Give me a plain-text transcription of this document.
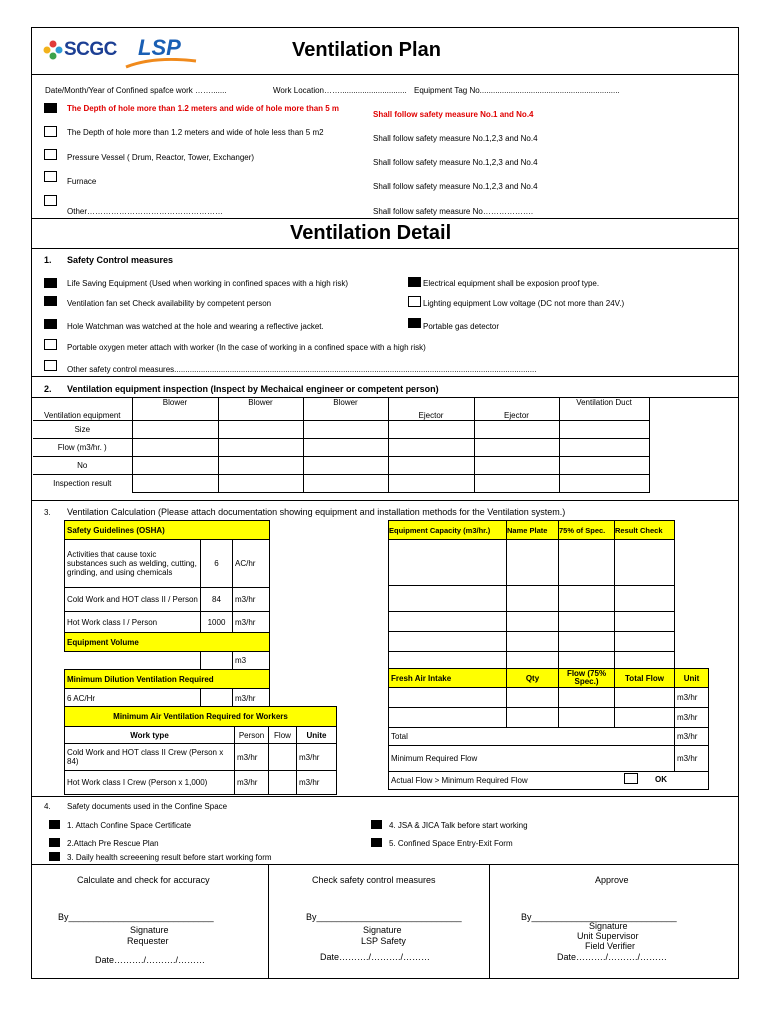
SCGC LSP	Ventilation Plan
Date/Month/Year of Confined spafce work …….......	Work Location…….............................. Equipment Tag No...............................................................
The Depth of hole more than 1.2 meters and wide of hole more than 5 m
Shall follow safety measure No.1 and No.4
The Depth of hole more than 1.2 meters and wide of hole less than 5 m2
Shall follow safety measure No.1,2,3 and No.4
Pressure Vessel ( Drum, Reactor, Tower, Exchanger)
Shall follow safety measure No.1,2,3 and No.4
Furnace
Shall follow safety measure No.1,2,3 and No.4
Other……………………………………………	Shall follow safety measure No……………….
Ventilation Detail
1. Safety Control measures
Life Saving Equipment (Used when working in confined spaces with a high risk)
Ventilation fan set Check availability by competent person
Hole Watchman was watched at the hole and wearing a reflective jacket.
Portable oxygen meter attach with worker (In the case of working in a confined space with a high risk)
Other safety control measures...................................................................................................................................................................
Electrical equipment shall be exposion proof type.
Lighting equipment Low voltage (DC not more than 24V.)
Portable gas detector
2. Ventilation equipment inspection (Inspect by Mechaical engineer or competent person)
Ventilation equipment	Blower	Blower	Blower	Ejector	Ejector	Ventilation Duct
Size						
Flow (m3/hr. )						
No						
Inspection result						
3. Ventilation Calculation (Please attach documentation showing equipment and installation methods for the Ventilation system.)
Safety Guidelines (OSHA)		
Activities that cause toxic substances such as welding, cutting, grinding, and using chemicals	6	AC/hr
Cold Work and HOT class II / Person	84	m3/hr
Hot Work class I / Person	1000	m3/hr
Equipment Volume		
		m3
Minimum Dilution Ventilation Required		
6 AC/Hr		m3/hr
Minimum Air Ventilation Required for Workers			
Work type	Person	Flow	Unite
Cold Work and HOT class II Crew (Person x 84)	m3/hr		m3/hr
Hot Work class I Crew (Person x 1,000)	m3/hr		m3/hr
Equipment Capacity (m3/hr.)	Name Plate	75% of Spec.	Result Check

Fresh Air Intake	Qty	Flow (75% Spec.)	Total Flow	Unit
				m3/hr
				m3/hr
Total				m3/hr
Minimum Required Flow				m3/hr
Actual Flow > Minimum Required Flow					OK
4. Safety documents used in the Confine Space
1. Attach Confine Space Certificate
2.Attach Pre Rescue Plan
3. Daily health screeening result before start working form
4. JSA & JICA Talk before start working
5. Confined Space Entry-Exit Form
Calculate and check for accuracy
By_____________________________
Signature
Requester
Date………./………./………
Check safety control measures
By_____________________________
Signature
LSP Safety
Date………./………./………
Approve
By_____________________________
Signature
Unit Supervisor
Field Verifier
Date………./………./………
